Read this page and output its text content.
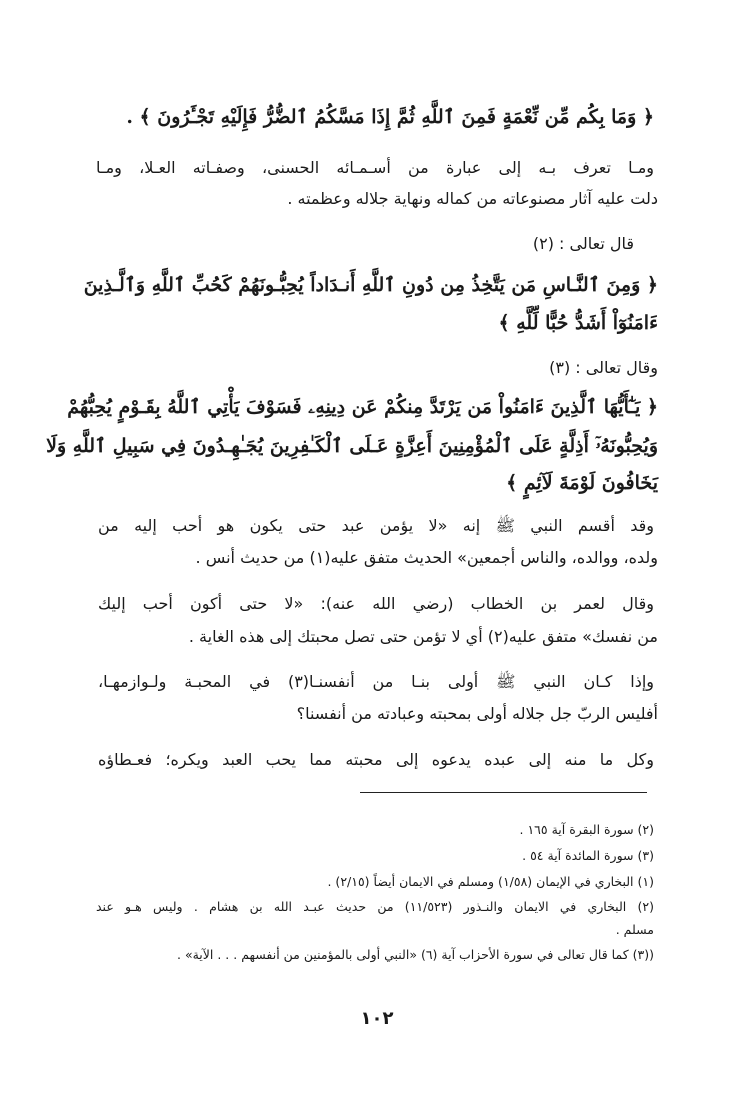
﴿ وَمَا بِكُم مِّن نِّعْمَةٍ فَمِنَ ٱللَّهِ ثُمَّ إِذَا مَسَّكُمُ ٱلضُّرُّ فَإِلَيْهِ تَجْـَٔرُونَ ﴾ .
ومـا تعرف بـه إلى عبارة من أسـمـائه الحسنى، وصفـاته العـلا، ومـا
دلت عليه آثار مصنوعاته من كماله ونهاية جلاله وعظمته .
قال تعالى : (٢)
﴿ وَمِنَ ٱلنَّـاسِ مَن يَتَّخِذُ مِن دُونِ ٱللَّهِ أَنـدَاداً يُحِبُّـونَهُمْ كَحُبِّ ٱللَّهِ وَٱلَّـذِينَ
ءَامَنُوٓاْ أَشَدُّ حُبًّا لِّلَّهِ ﴾
وقال تعالى : (٣)
﴿ يَـٰٓأَيُّهَا ٱلَّذِينَ ءَامَنُواْ مَن يَرْتَدَّ مِنكُمْ عَن دِينِهِۦ فَسَوْفَ يَأْتِي ٱللَّهُ بِقَـوْمٍ يُحِبُّهُمْ
وَيُحِبُّونَهُۥٓ أَذِلَّةٍ عَلَى ٱلْمُؤْمِنِينَ أَعِزَّةٍ عَـلَى ٱلْكَـٰفِرِينَ يُجَـٰهِـدُونَ فِي سَبِيلِ ٱللَّهِ وَلَا
يَخَافُونَ لَوْمَةَ لَآئِمٍ ﴾
وقد أقسم النبي ﷺ إنه «لا يؤمن عبد حتى يكون هو أحب إليه من
ولده، ووالده، والناس أجمعين» الحديث متفق عليه(١) من حديث أنس .
وقال لعمر بن الخطاب (رضي الله عنه): «لا حتى أكون أحب إليك
من نفسك» متفق عليه(٢) أي لا تؤمن حتى تصل محبتك إلى هذه الغاية .
وإذا كـان النبي ﷺ أولى بنـا من أنفسنـا(٣) في المحبـة ولـوازمهـا،
أفليس الربّ جل جلاله أولى بمحبته وعبادته من أنفسنا؟
وكل ما منه إلى عبده يدعوه إلى محبته مما يحب العبد ويكره؛ فعـطاؤه
(٢) سورة البقرة آية ١٦٥ .
(٣) سورة المائدة آية ٥٤ .
(١) البخاري في الإيمان (١/٥٨) ومسلم في الايمان أيضاً (٢/١٥) .
(٢) البخاري في الايمان والنـذور (١١/٥٢٣) من حديث عبـد الله بن هشام . وليس هـو عند
مسلم .
((٣) كما قال تعالى في سورة الأحزاب آية (٦) «النبي أولى بالمؤمنين من أنفسهم . . . الآية» .
١٠٢
